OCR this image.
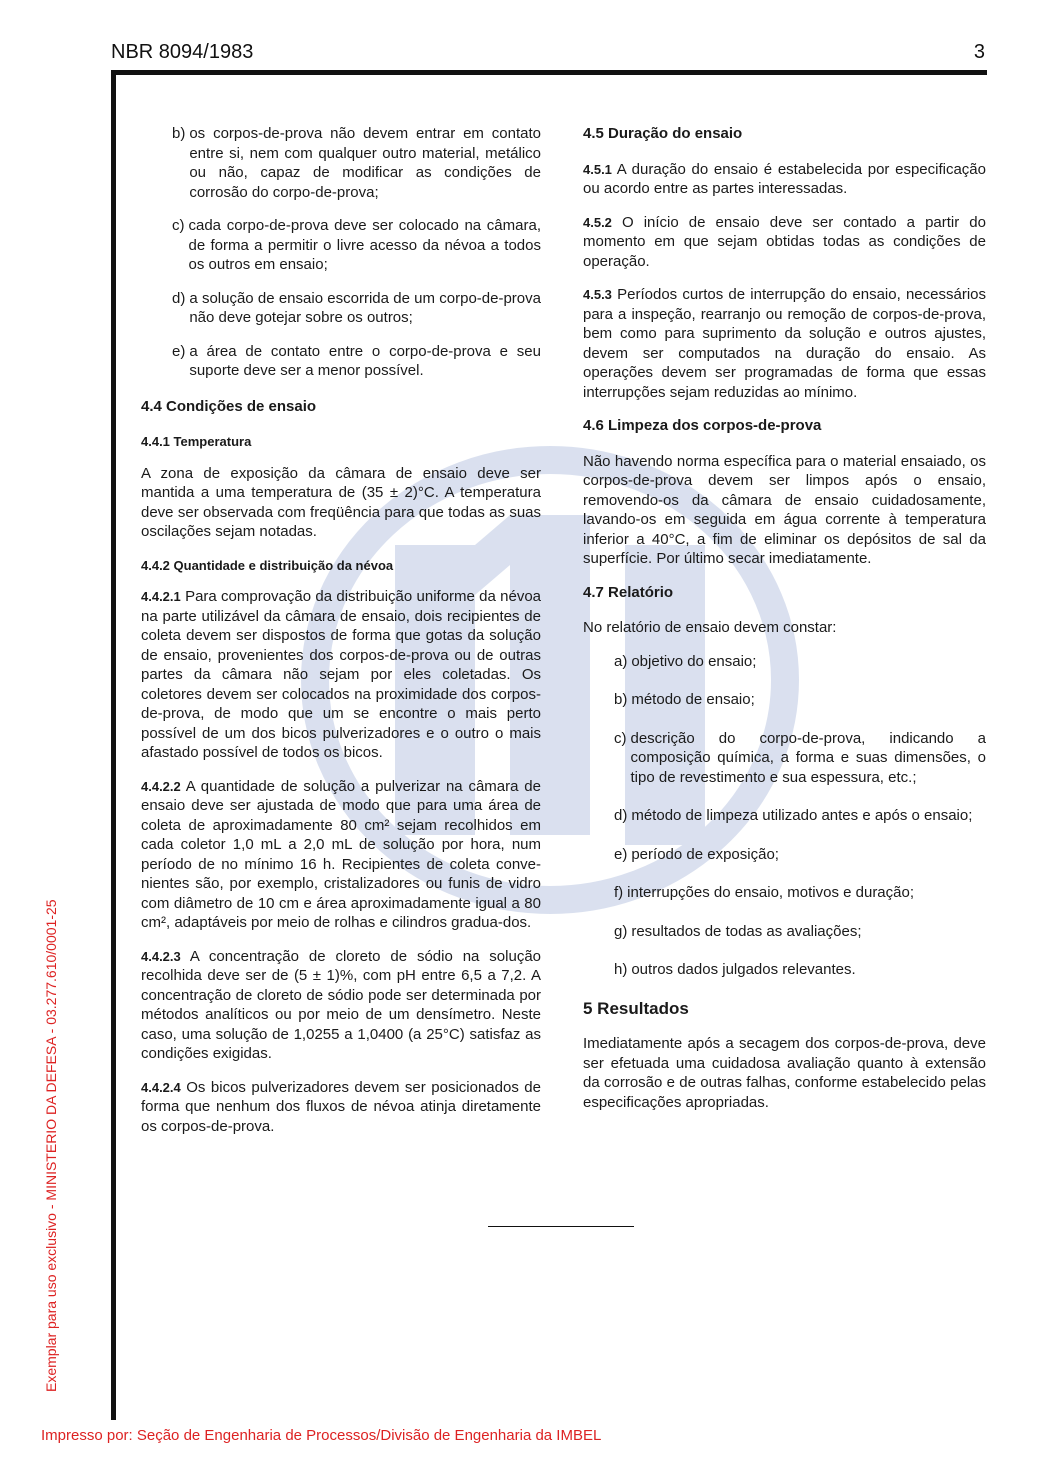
NBR 8094/1983	3
b) os corpos-de-prova não devem entrar em contato entre si, nem com qualquer outro material, metálico ou não, capaz de modificar as condições de corrosão do corpo-de-prova;
c) cada corpo-de-prova deve ser colocado na câmara, de forma a permitir o livre acesso da névoa a todos os outros em ensaio;
d) a solução de ensaio escorrida de um corpo-de-prova não deve gotejar sobre os outros;
e) a área de contato entre o corpo-de-prova e seu suporte deve ser a menor possível.
4.4 Condições de ensaio

4.4.1 Temperatura

A zona de exposição da câmara de ensaio deve ser mantida a uma temperatura de (35 ± 2)°C. A temperatura deve ser observada com freqüência para que todas as suas oscilações sejam notadas.

4.4.2 Quantidade e distribuição da névoa

4.4.2.1 Para comprovação da distribuição uniforme da névoa na parte utilizável da câmara de ensaio, dois recipientes de coleta devem ser dispostos de forma que gotas da solução de ensaio, provenientes dos corpos-de-prova ou de outras partes da câmara não sejam por eles coletadas. Os coletores devem ser colocados na proximidade dos corpos-de-prova, de modo que um se encontre o mais perto possível de um dos bicos pulverizadores e o outro o mais afastado possível de todos os bicos.

4.4.2.2 A quantidade de solução a pulverizar na câmara de ensaio deve ser ajustada de modo que para uma área de coleta de aproximadamente 80 cm² sejam recolhidos em cada coletor 1,0 mL a 2,0 mL de solução por hora, num período de no mínimo 16 h. Recipientes de coleta conve-nientes são, por exemplo, cristalizadores ou funis de vidro com diâmetro de 10 cm e área aproximadamente igual a 80 cm², adaptáveis por meio de rolhas e cilindros gradua-dos.

4.4.2.3 A concentração de cloreto de sódio na solução recolhida deve ser de (5 ± 1)%, com pH entre 6,5 a 7,2. A concentração de cloreto de sódio pode ser determinada por métodos analíticos ou por meio de um densímetro. Neste caso, uma solução de 1,0255 a 1,0400 (a 25°C) satisfaz as condições exigidas.

4.4.2.4 Os bicos pulverizadores devem ser posicionados de forma que nenhum dos fluxos de névoa atinja diretamente os corpos-de-prova.

4.5 Duração do ensaio

4.5.1 A duração do ensaio é estabelecida por especificação ou acordo entre as partes interessadas.

4.5.2 O início de ensaio deve ser contado a partir do momento em que sejam obtidas todas as condições de operação.

4.5.3 Períodos curtos de interrupção do ensaio, necessários para a inspeção, rearranjo ou remoção de corpos-de-prova, bem como para suprimento da solução e outros ajustes, devem ser computados na duração do ensaio. As operações devem ser programadas de forma que essas interrupções sejam reduzidas ao mínimo.

4.6 Limpeza dos corpos-de-prova

Não havendo norma específica para o material ensaiado, os corpos-de-prova devem ser limpos após o ensaio, removendo-os da câmara de ensaio cuidadosamente, lavando-os em seguida em água corrente à temperatura inferior a 40°C, a fim de eliminar os depósitos de sal da superfície. Por último secar imediatamente.

4.7 Relatório

No relatório de ensaio devem constar:

a) objetivo do ensaio;
b) método de ensaio;
c) descrição do corpo-de-prova, indicando a composição química, a forma e suas dimensões, o tipo de revestimento e sua espessura, etc.;
d) método de limpeza utilizado antes e após o ensaio;
e) período de exposição;
f) interrupções do ensaio, motivos e duração;
g) resultados de todas as avaliações;
h) outros dados julgados relevantes.
5 Resultados

Imediatamente após a secagem dos corpos-de-prova, deve ser efetuada uma cuidadosa avaliação quanto à extensão da corrosão e de outras falhas, conforme estabelecido pelas especificações apropriadas.

Exemplar para uso exclusivo - MINISTERIO DA DEFESA - 03.277.610/0001-25
Impresso por: Seção de Engenharia de Processos/Divisão de Engenharia da IMBEL
